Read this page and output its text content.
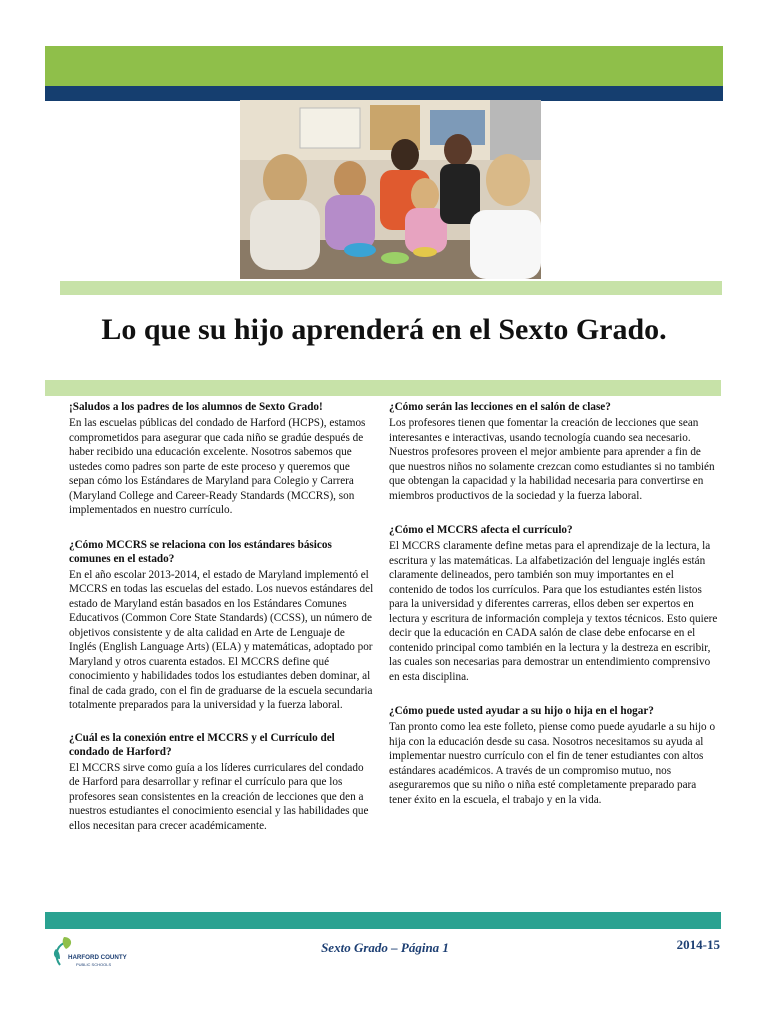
Lo que su hijo aprenderá en el Sexto Grado.
¡Saludos a los padres de los alumnos de Sexto Grado!

En las escuelas públicas del condado de Harford (HCPS), estamos comprometidos para asegurar que cada niño se gradúe después de haber recibido una educación excelente. Nosotros sabemos que ustedes como padres son parte de este proceso y queremos que sepan cómo los Estándares de Maryland para Colegio y Carrera (Maryland College and Career-Ready Standards (MCCRS), son implementados en nuestro currículo.

¿Cómo MCCRS se relaciona con los estándares básicos comunes en el estado?

En el año escolar 2013-2014, el estado de Maryland implementó el MCCRS en todas las escuelas del estado. Los nuevos estándares del estado de Maryland están basados en los Estándares Comunes Educativos (Common Core State Standards) (CCSS), un número de objetivos consistente y de alta calidad en Arte de Lenguaje de Inglés (English Language Arts) (ELA) y matemáticas, adoptado por Maryland y otros cuarenta estados. El MCCRS define qué conocimiento y habilidades todos los estudiantes deben dominar, al final de cada grado, con el fin de graduarse de la escuela secundaria totalmente preparados para la universidad y la fuerza laboral.

¿Cuál es la conexión entre el MCCRS y el Currículo del condado de Harford?

El MCCRS sirve como guía a los líderes curriculares del condado de Harford para desarrollar y refinar el currículo para que los profesores sean consistentes en la creación de lecciones que den a nuestros estudiantes el conocimiento esencial y las habilidades que ellos necesitan para crecer académicamente.

¿Cómo serán las lecciones en el salón de clase?

Los profesores tienen que fomentar la creación de lecciones que sean interesantes e interactivas, usando tecnología cuando sea necesario. Nuestros profesores proveen el mejor ambiente para aprender a fin de que nuestros niños no solamente crezcan como estudiantes si no también que obtengan la capacidad y la habilidad necesaria para convertirse en miembros productivos de la sociedad y la fuerza laboral.

¿Cómo el MCCRS afecta el currículo?

El MCCRS claramente define metas para el aprendizaje de la lectura, la escritura y las matemáticas. La alfabetización del lenguaje inglés están claramente delineados, pero también son muy importantes en el contenido de todos los currículos. Para que los estudiantes estén listos para la universidad y diferentes carreras, ellos deben ser expertos en lectura y escritura de información compleja y textos técnicos. Esto quiere decir que la educación en CADA salón de clase debe enfocarse en el contenido principal como también en la lectura y la destreza en escribir, las cuales son necesarias para demostrar un entendimiento comprensivo en esta disciplina.

¿Cómo puede usted ayudar a su hijo o hija en el hogar?

Tan pronto como lea este folleto, piense como puede ayudarle a su hijo o hija con la educación desde su casa. Nosotros necesitamos su ayuda al implementar nuestro currículo con el fin de tener estudiantes con altos estándares académicos. A través de un compromiso mutuo, nos aseguraremos que su niño o niña esté completamente preparado para tener éxito en la escuela, el trabajo y en la vida.

HARFORD COUNTY
PUBLIC SCHOOLS
Sexto Grado – Página 1	2014-15
